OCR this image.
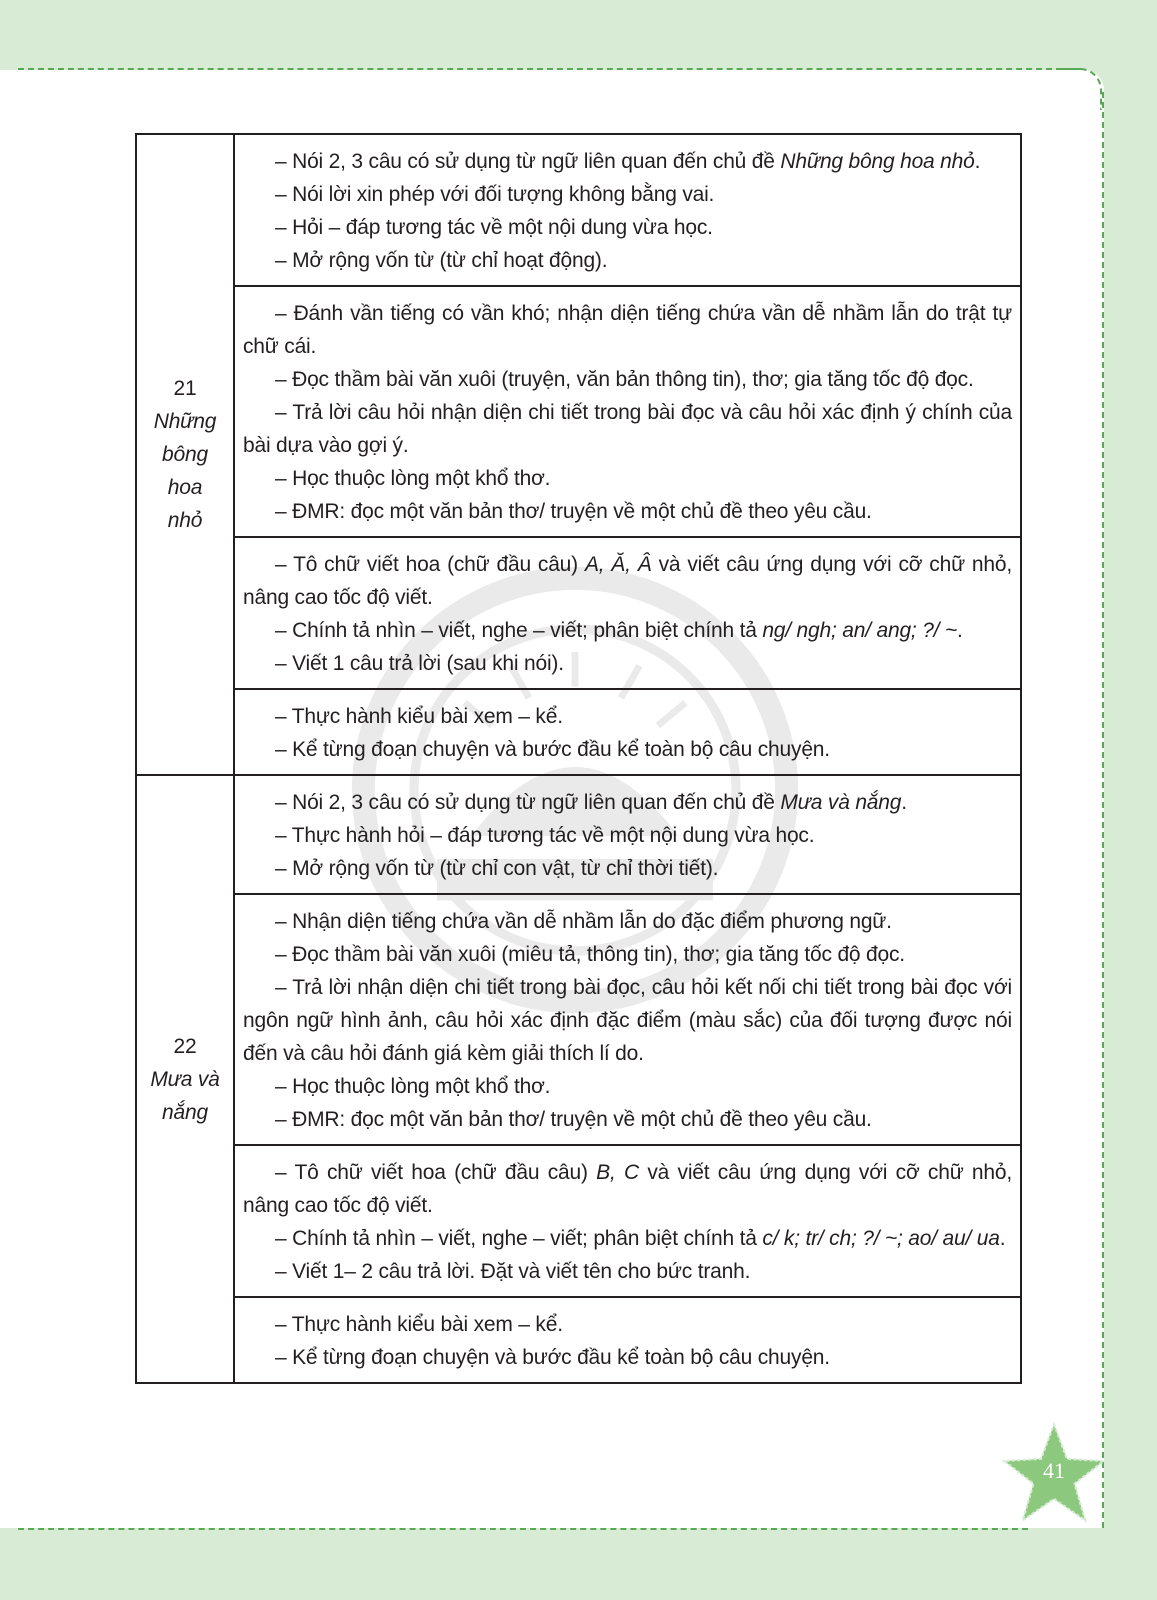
21
Những bông hoa nhỏ	– Nói 2, 3 câu có sử dụng từ ngữ liên quan đến chủ đề Những bông hoa nhỏ.
– Nói lời xin phép với đối tượng không bằng vai.
– Hỏi – đáp tương tác về một nội dung vừa học.
– Mở rộng vốn từ (từ chỉ hoạt động).

	– Đánh vần tiếng có vần khó; nhận diện tiếng chứa vần dễ nhầm lẫn do trật tự chữ cái.
– Đọc thầm bài văn xuôi (truyện, văn bản thông tin), thơ; gia tăng tốc độ đọc.
– Trả lời câu hỏi nhận diện chi tiết trong bài đọc và câu hỏi xác định ý chính của bài dựa vào gợi ý.
– Học thuộc lòng một khổ thơ.
– ĐMR: đọc một văn bản thơ/ truyện về một chủ đề theo yêu cầu.

	– Tô chữ viết hoa (chữ đầu câu) A, Ă, Â và viết câu ứng dụng với cỡ chữ nhỏ, nâng cao tốc độ viết.
– Chính tả nhìn – viết, nghe – viết; phân biệt chính tả ng/ ngh; an/ ang; ?/ ~.
– Viết 1 câu trả lời (sau khi nói).

	– Thực hành kiểu bài xem – kể.
– Kể từng đoạn chuyện và bước đầu kể toàn bộ câu chuyện.

22
Mưa và nắng	– Nói 2, 3 câu có sử dụng từ ngữ liên quan đến chủ đề Mưa và nắng.
– Thực hành hỏi – đáp tương tác về một nội dung vừa học.
– Mở rộng vốn từ (từ chỉ con vật, từ chỉ thời tiết).

	– Nhận diện tiếng chứa vần dễ nhầm lẫn do đặc điểm phương ngữ.
– Đọc thầm bài văn xuôi (miêu tả, thông tin), thơ; gia tăng tốc độ đọc.
– Trả lời nhận diện chi tiết trong bài đọc, câu hỏi kết nối chi tiết trong bài đọc với ngôn ngữ hình ảnh, câu hỏi xác định đặc điểm (màu sắc) của đối tượng được nói đến và câu hỏi đánh giá kèm giải thích lí do.
– Học thuộc lòng một khổ thơ.
– ĐMR: đọc một văn bản thơ/ truyện về một chủ đề theo yêu cầu.

	– Tô chữ viết hoa (chữ đầu câu) B, C và viết câu ứng dụng với cỡ chữ nhỏ, nâng cao tốc độ viết.
– Chính tả nhìn – viết, nghe – viết; phân biệt chính tả c/ k; tr/ ch; ?/ ~; ao/ au/ ua.
– Viết 1– 2 câu trả lời. Đặt và viết tên cho bức tranh.

	– Thực hành kiểu bài xem – kể.
– Kể từng đoạn chuyện và bước đầu kể toàn bộ câu chuyện.
41
